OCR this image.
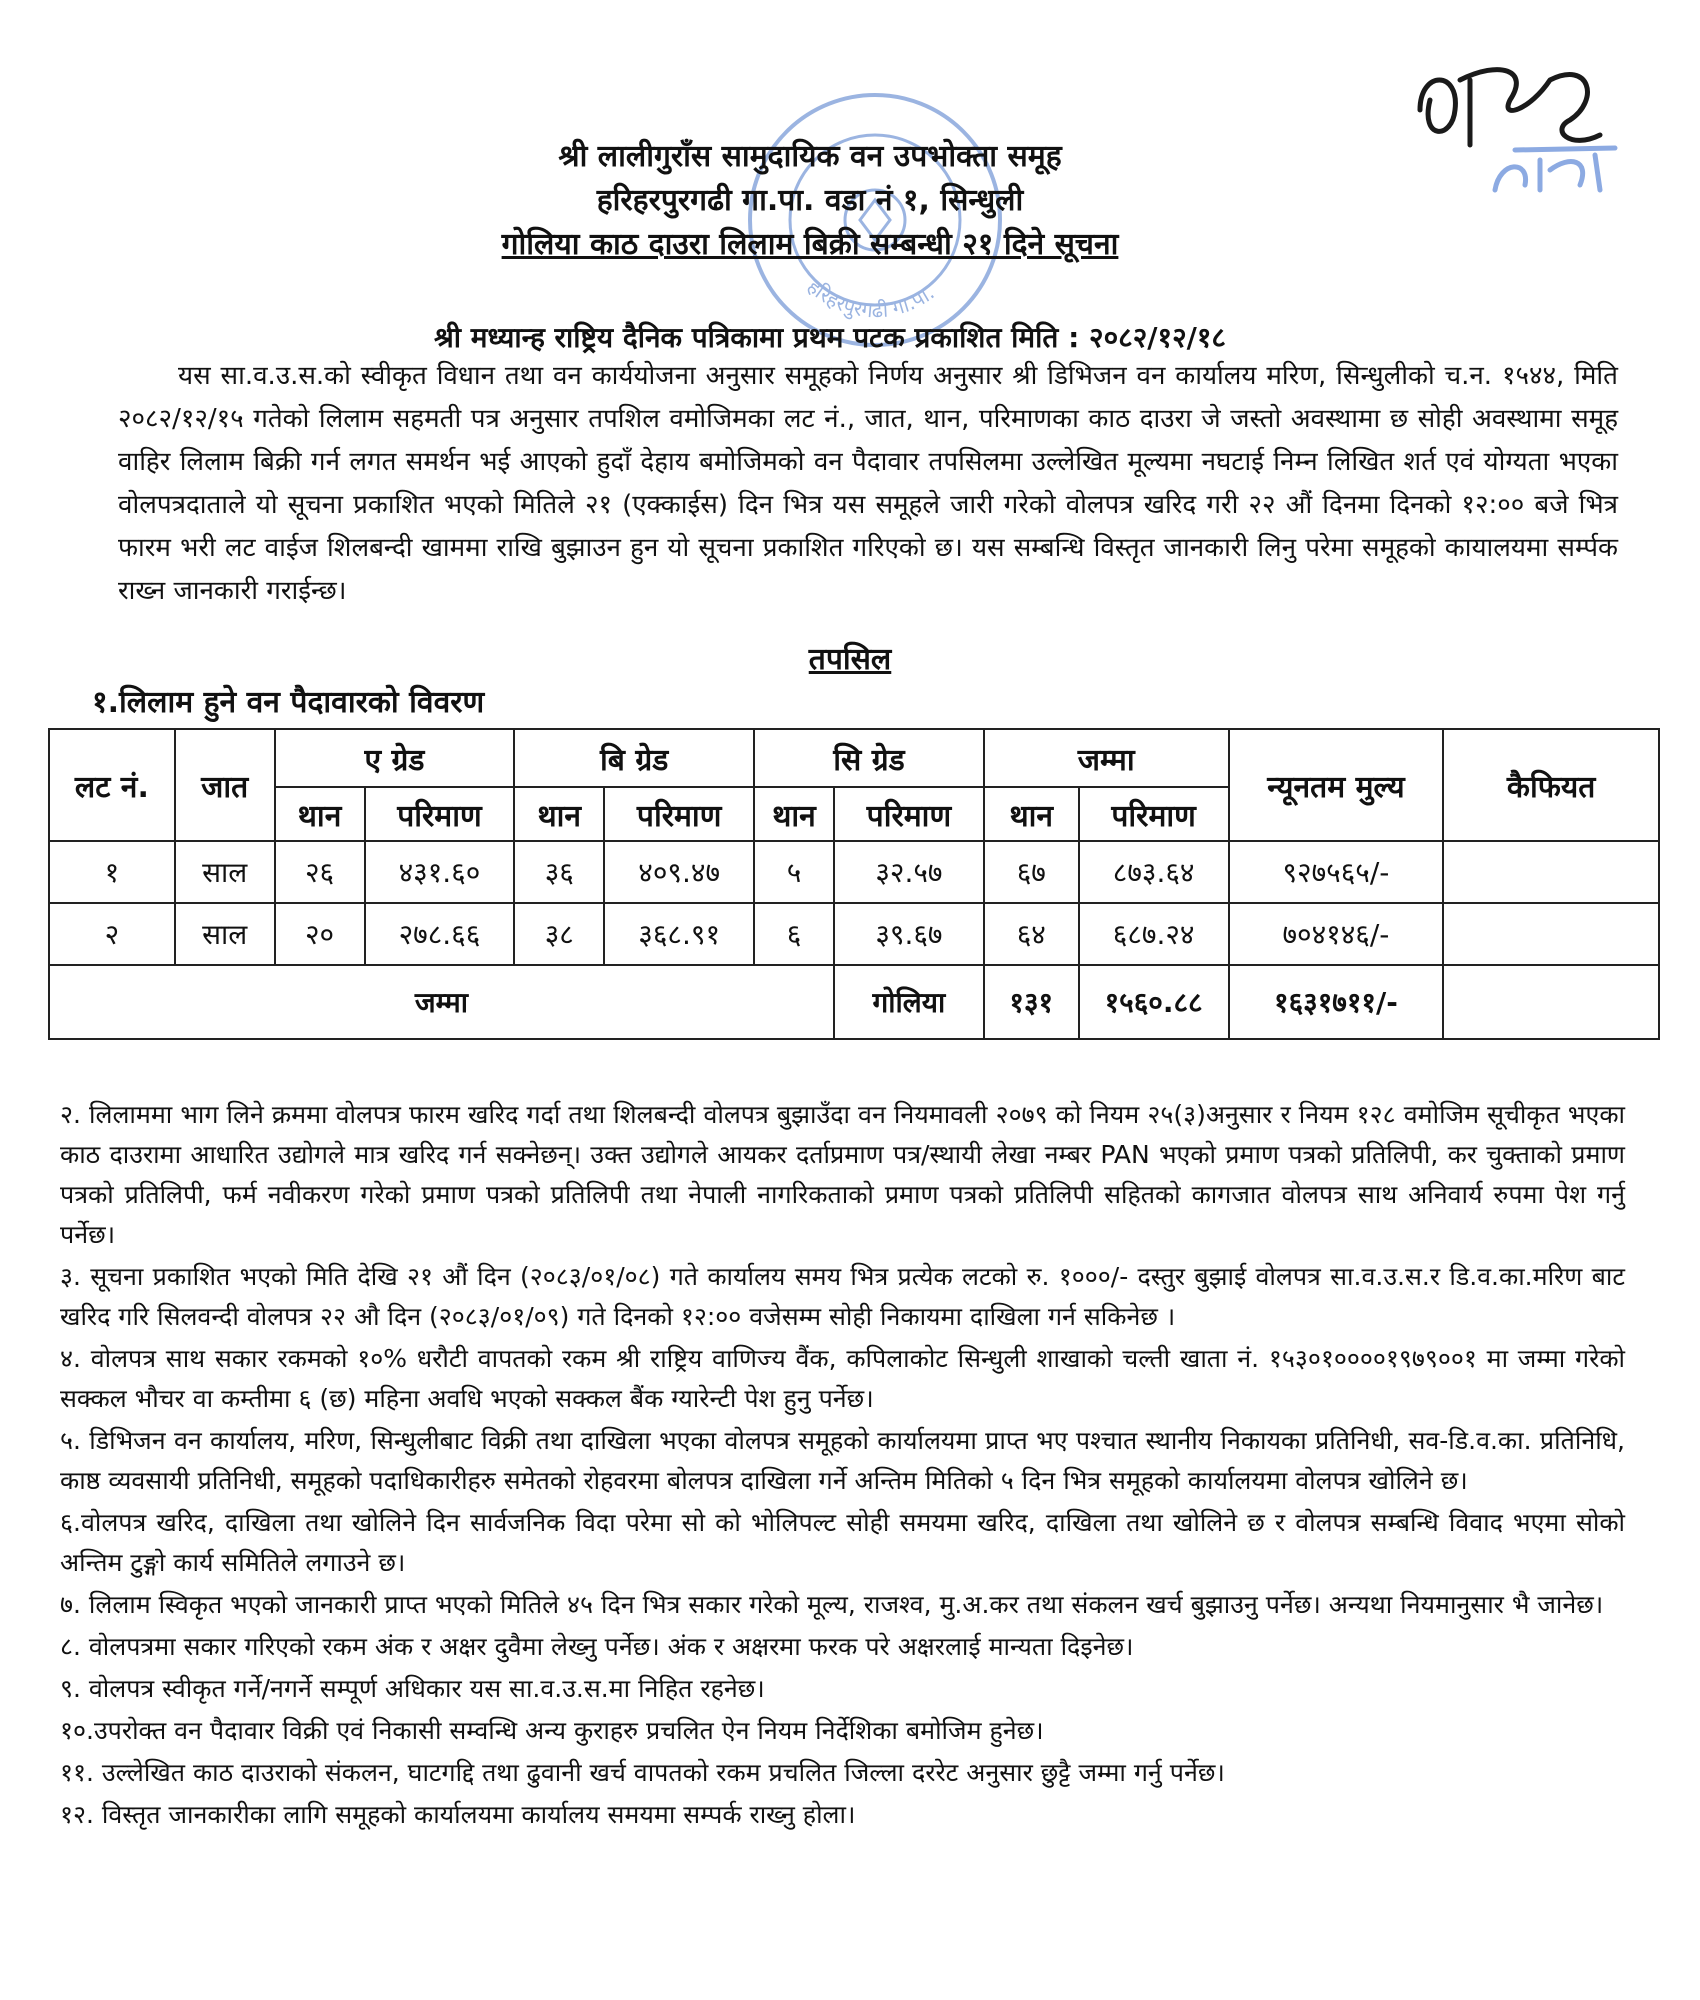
हरिहरपुरगढी गा.पा.
श्री लालीगुराँस सामुदायिक वन उपभोक्ता समूह
हरिहरपुरगढी गा.पा. वडा नं १, सिन्धुली
गोलिया काठ दाउरा लिलाम बिक्री सम्बन्धी २१ दिने सूचना
श्री मध्यान्ह राष्ट्रिय दैनिक पत्रिकामा प्रथम पटक प्रकाशित मिति : २०८२/१२/१८
यस सा.व.उ.स.को स्वीकृत विधान तथा वन कार्ययोजना अनुसार समूहको निर्णय अनुसार श्री डिभिजन वन कार्यालय मरिण, सिन्धुलीको च.न. १५४४, मिति २०८२/१२/१५ गतेको लिलाम सहमती पत्र अनुसार तपशिल वमोजिमका लट नं., जात, थान, परिमाणका काठ दाउरा जे जस्तो अवस्थामा छ सोही अवस्थामा समूह वाहिर लिलाम बिक्री गर्न लगत समर्थन भई आएको हुदाँ देहाय बमोजिमको वन पैदावार तपसिलमा उल्लेखित मूल्यमा नघटाई निम्न लिखित शर्त एवं योग्यता भएका वोलपत्रदाताले यो सूचना प्रकाशित भएको मितिले २१ (एक्काईस) दिन भित्र यस समूहले जारी गरेको वोलपत्र खरिद गरी २२ औं दिनमा दिनको १२:०० बजे भित्र फारम भरी लट वाईज शिलबन्दी खाममा राखि बुझाउन हुन यो सूचना प्रकाशित गरिएको छ। यस सम्बन्धि विस्तृत जानकारी लिनु परेमा समूहको कायालयमा सर्म्पक राख्न जानकारी गराईन्छ।
तपसिल
१.लिलाम हुने वन पैदावारको विवरण
लट नं.	जात	ए ग्रेड		बि ग्रेड		सि ग्रेड		जम्मा		न्यूनतम मुल्य	कैफियत
		थान	परिमाण	थान	परिमाण	थान	परिमाण	थान	परिमाण		
१	साल	२६	४३१.६०	३६	४०९.४७	५	३२.५७	६७	८७३.६४	९२७५६५/-	
२	साल	२०	२७८.६६	३८	३६८.९१	६	३९.६७	६४	६८७.२४	७०४१४६/-	
जम्मा							गोलिया	१३१	१५६०.८८	१६३१७११/-	
२. लिलाममा भाग लिने क्रममा वोलपत्र फारम खरिद गर्दा तथा शिलबन्दी वोलपत्र बुझाउँदा वन नियमावली २०७९ को नियम २५(३)अनुसार र नियम १२८ वमोजिम सूचीकृत भएका काठ दाउरामा आधारित उद्योगले मात्र खरिद गर्न सक्नेछन्। उक्त उद्योगले आयकर दर्ताप्रमाण पत्र/स्थायी लेखा नम्बर PAN भएको प्रमाण पत्रको प्रतिलिपी, कर चुक्ताको प्रमाण पत्रको प्रतिलिपी, फर्म नवीकरण गरेको प्रमाण पत्रको प्रतिलिपी तथा नेपाली नागरिकताको प्रमाण पत्रको प्रतिलिपी सहितको कागजात वोलपत्र साथ अनिवार्य रुपमा पेश गर्नु पर्नेछ।
३. सूचना प्रकाशित भएको मिति देखि २१ औं दिन (२०८३/०१/०८) गते कार्यालय समय भित्र प्रत्येक लटको रु. १०००/- दस्तुर बुझाई वोलपत्र सा.व.उ.स.र डि.व.का.मरिण बाट खरिद गरि सिलवन्दी वोलपत्र २२ औ दिन (२०८३/०१/०९) गते दिनको १२:०० वजेसम्म सोही निकायमा दाखिला गर्न सकिनेछ ।
४. वोलपत्र साथ सकार रकमको १०% धरौटी वापतको रकम श्री राष्ट्रिय वाणिज्य वैंक, कपिलाकोट सिन्धुली शाखाको चल्ती खाता नं. १५३०१००००१९७९००१ मा जम्मा गरेको सक्कल भौचर वा कम्तीमा ६ (छ) महिना अवधि भएको सक्कल बैंक ग्यारेन्टी पेश हुनु पर्नेछ।
५. डिभिजन वन कार्यालय, मरिण, सिन्धुलीबाट विक्री तथा दाखिला भएका वोलपत्र समूहको कार्यालयमा प्राप्त भए पश्चात स्थानीय निकायका प्रतिनिधी, सव-डि.व.का. प्रतिनिधि, काष्ठ व्यवसायी प्रतिनिधी, समूहको पदाधिकारीहरु समेतको रोहवरमा बोलपत्र दाखिला गर्ने अन्तिम मितिको ५ दिन भित्र समूहको कार्यालयमा वोलपत्र खोलिने छ।
६.वोलपत्र खरिद, दाखिला तथा खोलिने दिन सार्वजनिक विदा परेमा सो को भोलिपल्ट सोही समयमा खरिद, दाखिला तथा खोलिने छ र वोलपत्र सम्बन्धि विवाद भएमा सोको अन्तिम टुङ्गो कार्य समितिले लगाउने छ।
७. लिलाम स्विकृत भएको जानकारी प्राप्त भएको मितिले ४५ दिन भित्र सकार गरेको मूल्य, राजश्व, मु.अ.कर तथा संकलन खर्च बुझाउनु पर्नेछ। अन्यथा नियमानुसार भै जानेछ।
८. वोलपत्रमा सकार गरिएको रकम अंक र अक्षर दुवैमा लेख्नु पर्नेछ। अंक र अक्षरमा फरक परे अक्षरलाई मान्यता दिइनेछ।
९. वोलपत्र स्वीकृत गर्ने/नगर्ने सम्पूर्ण अधिकार यस सा.व.उ.स.मा निहित रहनेछ।
१०.उपरोक्त वन पैदावार विक्री एवं निकासी सम्वन्धि अन्य कुराहरु प्रचलित ऐन नियम निर्देशिका बमोजिम हुनेछ।
११. उल्लेखित काठ दाउराको संकलन, घाटगद्दि तथा ढुवानी खर्च वापतको रकम प्रचलित जिल्ला दररेट अनुसार छुट्टै जम्मा गर्नु पर्नेछ।
१२. विस्तृत जानकारीका लागि समूहको कार्यालयमा कार्यालय समयमा सम्पर्क राख्नु होला।
